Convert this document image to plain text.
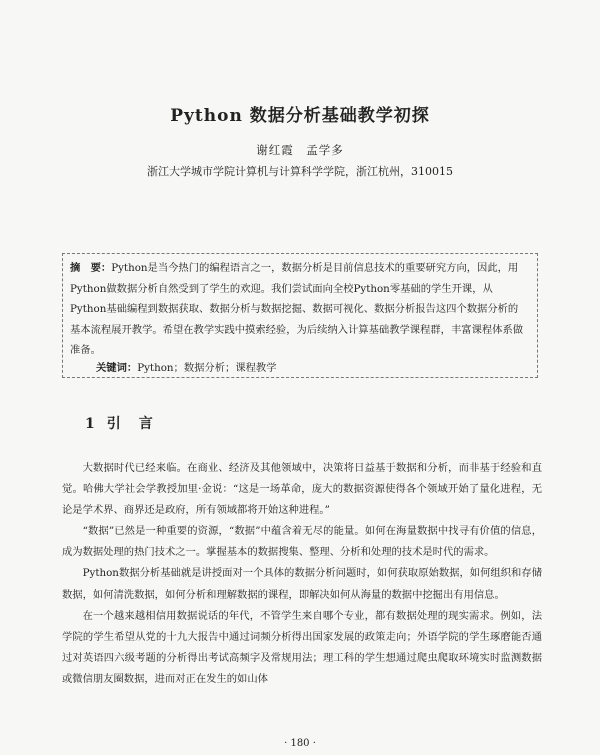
Python 数据分析基础教学初探
谢红霞　孟学多
浙江大学城市学院计算机与计算科学学院，浙江杭州，310015
摘　要：Python是当今热门的编程语言之一，数据分析是目前信息技术的重要研究方向，因此，用Python做数据分析自然受到了学生的欢迎。我们尝试面向全校Python零基础的学生开课，从Python基础编程到数据获取、数据分析与数据挖掘、数据可视化、数据分析报告这四个数据分析的基本流程展开教学。希望在教学实践中摸索经验，为后续纳入计算基础教学课程群，丰富课程体系做准备。
关键词：Python；数据分析；课程教学
1 引　言

大数据时代已经来临。在商业、经济及其他领域中，决策将日益基于数据和分析，而非基于经验和直觉。哈佛大学社会学教授加里·金说：“这是一场革命，庞大的数据资源使得各个领域开始了量化进程，无论是学术界、商界还是政府，所有领域都将开始这种进程。”

“数据”已然是一种重要的资源，“数据”中蕴含着无尽的能量。如何在海量数据中找寻有价值的信息，成为数据处理的热门技术之一。掌握基本的数据搜集、整理、分析和处理的技术是时代的需求。

Python数据分析基础就是讲授面对一个具体的数据分析问题时，如何获取原始数据，如何组织和存储数据，如何清洗数据，如何分析和理解数据的课程，即解决如何从海量的数据中挖掘出有用信息。

在一个越来越相信用数据说话的年代，不管学生来自哪个专业，都有数据处理的现实需求。例如，法学院的学生希望从党的十九大报告中通过词频分析得出国家发展的政策走向；外语学院的学生琢磨能否通过对英语四六级考题的分析得出考试高频字及常规用法；理工科的学生想通过爬虫爬取环境实时监测数据或微信朋友圈数据，进而对正在发生的如山体

· 180 ·
